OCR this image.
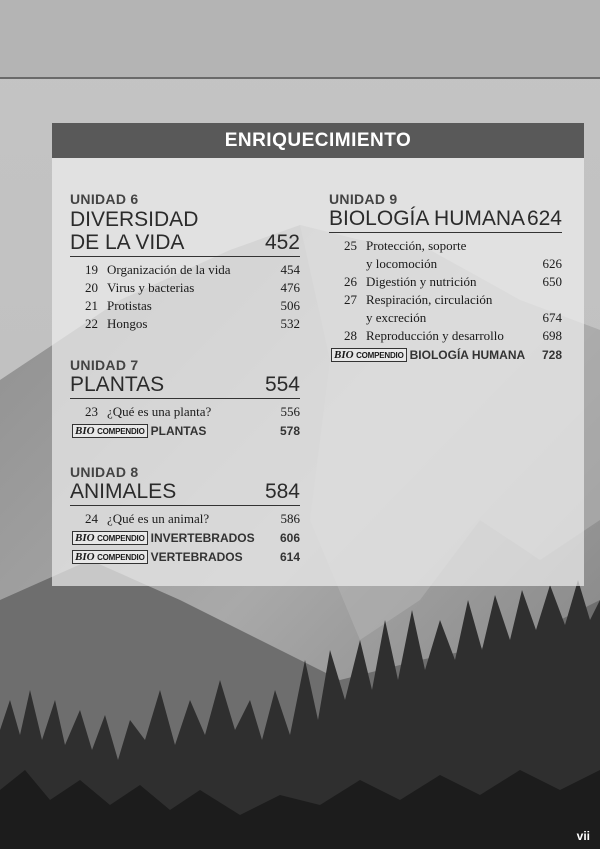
ENRIQUECIMIENTO
UNIDAD 6
DIVERSIDAD
DE LA VIDA	452
19 Organización de la vida	454
20 Virus y bacterias	476
21 Protistas	506
22 Hongos	532
UNIDAD 7
PLANTAS	554
23 ¿Qué es una planta?	556
BIO COMPENDIO PLANTAS	578
UNIDAD 8
ANIMALES	584
24 ¿Qué es un animal?	586
BIO COMPENDIO INVERTEBRADOS	606
BIO COMPENDIO VERTEBRADOS	614
UNIDAD 9
BIOLOGÍA HUMANA 624
25 Protección, soporte
y locomoción	626
26 Digestión y nutrición	650
27 Respiración, circulación
y excreción	674
28 Reproducción y desarrollo	698
BIO COMPENDIO BIOLOGÍA HUMANA	728
vii
